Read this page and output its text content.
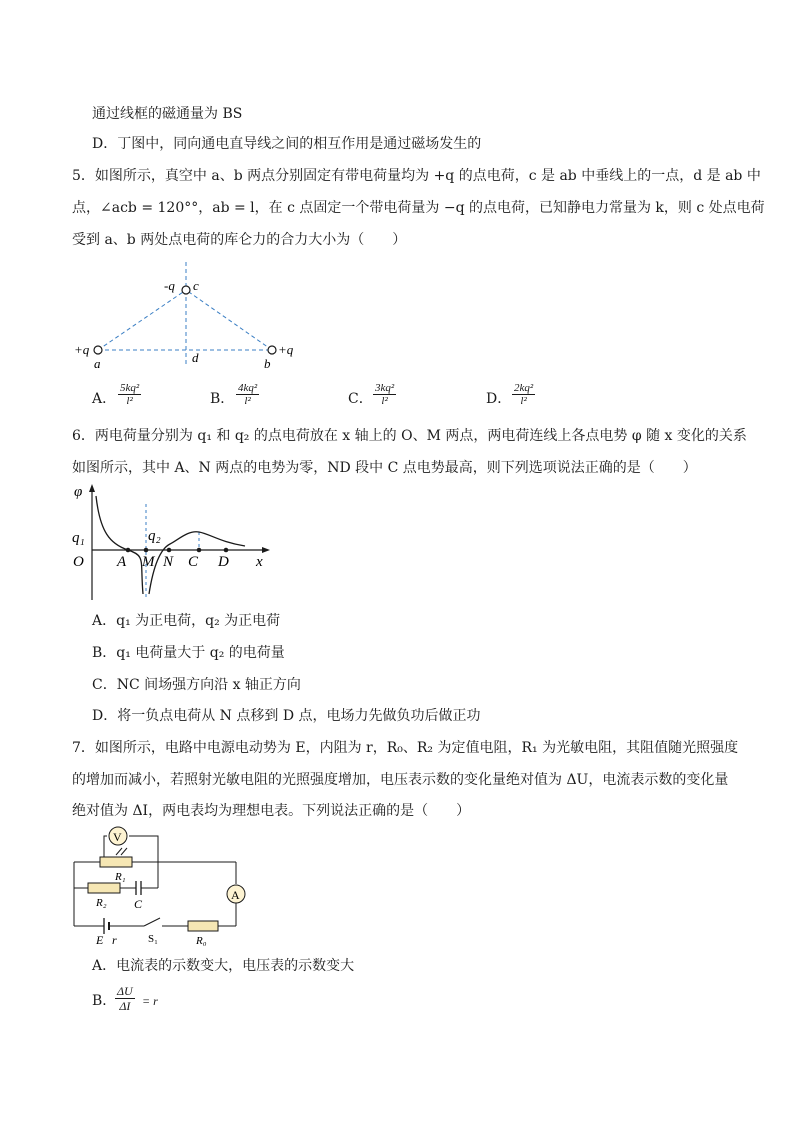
通过线框的磁通量为 BS
D．丁图中，同向通电直导线之间的相互作用是通过磁场发生的
5．如图所示，真空中 a、b 两点分别固定有带电荷量均为 +q 的点电荷，c 是 ab 中垂线上的一点，d 是 ab 中
点，∠acb = 120°°，ab = l，在 c 点固定一个带电荷量为 −q 的点电荷，已知静电力常量为 k，则 c 处点电荷
受到 a、b 两处点电荷的库仑力的合力大小为（　　）
-q c
+q
a	d	b
+q
A． $\frac{\text{5kq²}}{\text{l²}}$	B． $\frac{\text{4kq²}}{\text{l²}}$	C． $\frac{\text{3kq²}}{\text{l²}}$	D． $\frac{\text{2kq²}}{\text{l²}}$
6．两电荷量分别为 q₁ 和 q₂ 的点电荷放在 x 轴上的 O、M 两点，两电荷连线上各点电势 φ 随 x 变化的关系
如图所示，其中 A、N 两点的电势为零，ND 段中 C 点电势最高，则下列选项说法正确的是（　　）
φ
q₁	q₂
O A M N C D x
A．q₁ 为正电荷，q₂ 为正电荷
B．q₁ 电荷量大于 q₂ 的电荷量
C．NC 间场强方向沿 x 轴正方向
D．将一负点电荷从 N 点移到 D 点，电场力先做负功后做正功
7．如图所示，电路中电源电动势为 E，内阻为 r，R₀、R₂ 为定值电阻，R₁ 为光敏电阻，其阻值随光照强度
的增加而减小，若照射光敏电阻的光照强度增加，电压表示数的变化量绝对值为 ΔU，电流表示数的变化量
绝对值为 ΔI，两电表均为理想电表。下列说法正确的是（　　）
V
R₁
R₂ C
A
E r	S₁	R₀
A．电流表的示数变大，电压表的示数变大
B．
$\frac{\Delta U}{\Delta I} = r$
